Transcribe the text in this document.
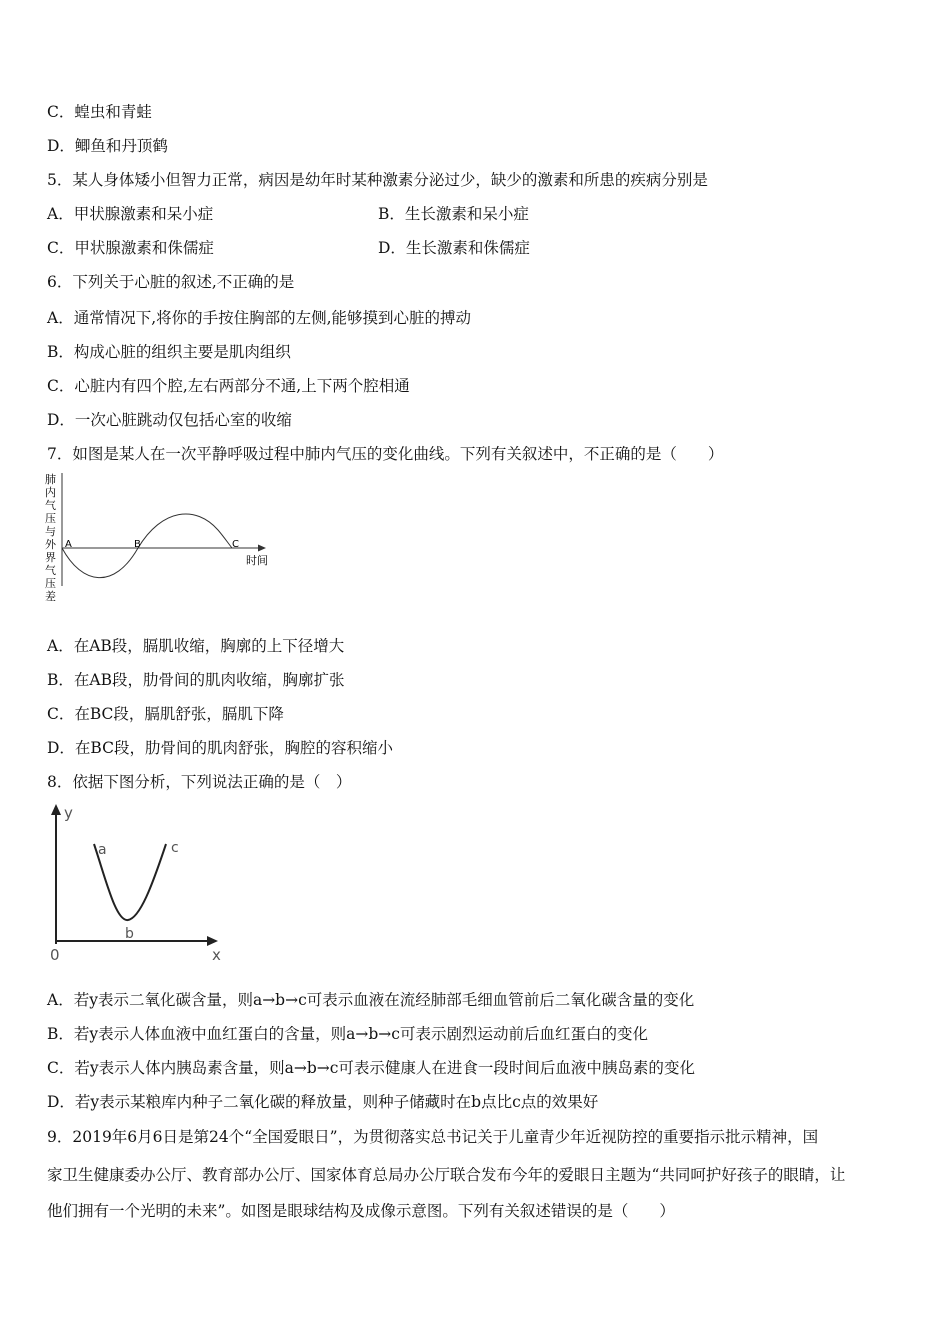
C．蝗虫和青蛙
D．鲫鱼和丹顶鹤
5．某人身体矮小但智力正常，病因是幼年时某种激素分泌过少，缺少的激素和所患的疾病分别是
A．甲状腺激素和呆小症	B．生长激素和呆小症
C．甲状腺激素和侏儒症	D．生长激素和侏儒症
6．下列关于心脏的叙述,不正确的是
A．通常情况下,将你的手按住胸部的左侧,能够摸到心脏的搏动
B．构成心脏的组织主要是肌肉组织
C．心脏内有四个腔,左右两部分不通,上下两个腔相通
D．一次心脏跳动仅包括心室的收缩
7．如图是某人在一次平静呼吸过程中肺内气压的变化曲线。下列有关叙述中，不正确的是（　　）
A．在AB段，膈肌收缩，胸廓的上下径增大
B．在AB段，肋骨间的肌肉收缩，胸廓扩张
C．在BC段，膈肌舒张，膈肌下降
D．在BC段，肋骨间的肌肉舒张，胸腔的容积缩小
8．依据下图分析，下列说法正确的是（　）
A．若y表示二氧化碳含量，则a→b→c可表示血液在流经肺部毛细血管前后二氧化碳含量的变化
B．若y表示人体血液中血红蛋白的含量，则a→b→c可表示剧烈运动前后血红蛋白的变化
C．若y表示人体内胰岛素含量，则a→b→c可表示健康人在进食一段时间后血液中胰岛素的变化
D．若y表示某粮库内种子二氧化碳的释放量，则种子储藏时在b点比c点的效果好
9．2019年6月6日是第24个“全国爱眼日”，为贯彻落实总书记关于儿童青少年近视防控的重要指示批示精神，国
家卫生健康委办公厅、教育部办公厅、国家体育总局办公厅联合发布今年的爱眼日主题为“共同呵护好孩子的眼睛，让
他们拥有一个光明的未来”。如图是眼球结构及成像示意图。下列有关叙述错误的是（　　）
肺
内
气
压
与
外
界
气
压
差
A	B	C
时间
y
0	x
a
b
c
